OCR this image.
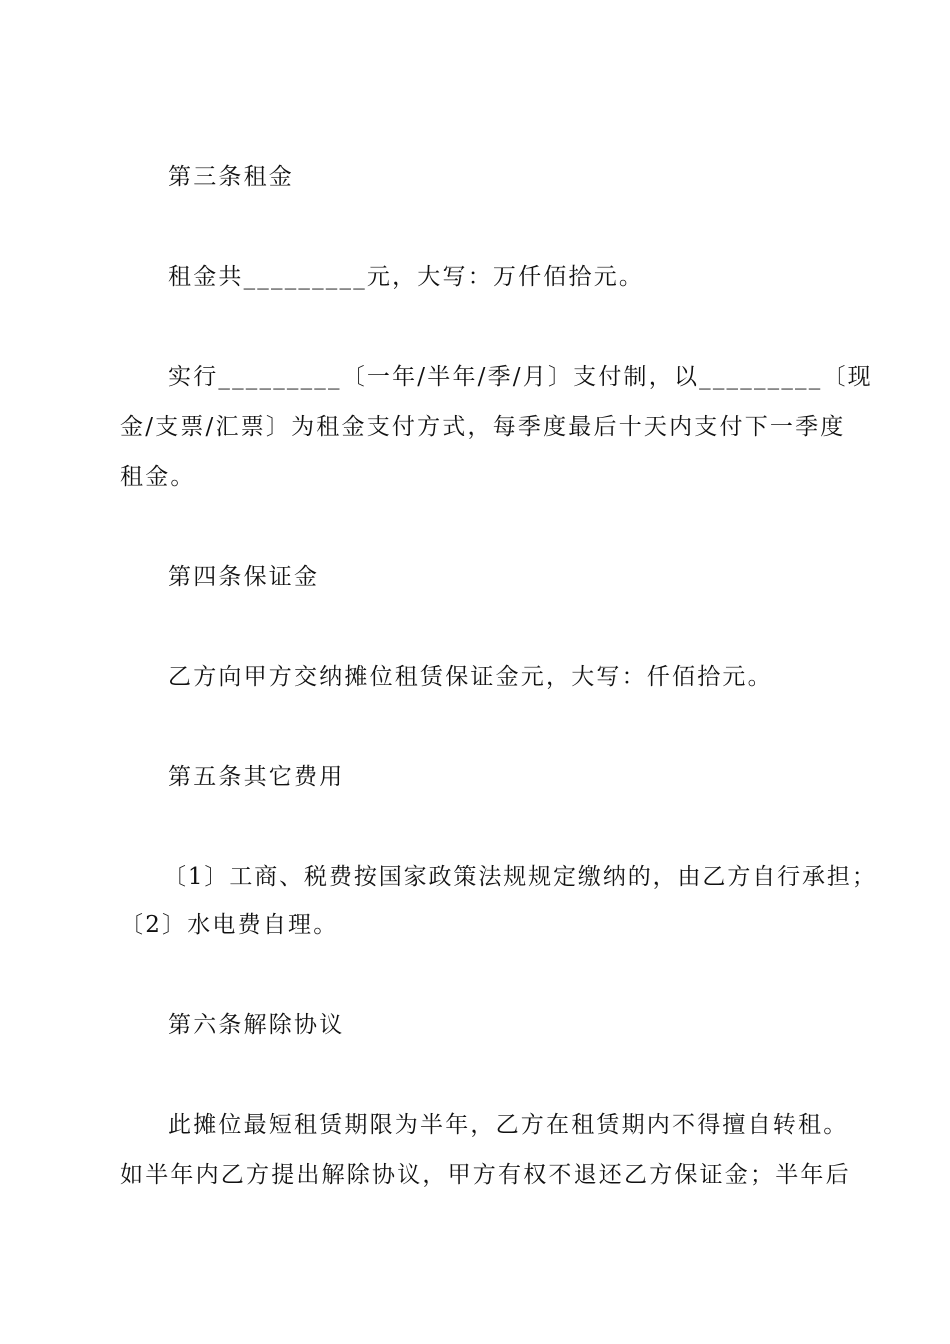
第三条租金
租金共_________元，大写：万仟佰拾元。
实行_________〔一年/半年/季/月〕支付制，以_________〔现
金/支票/汇票〕为租金支付方式，每季度最后十天内支付下一季度
租金。
第四条保证金
乙方向甲方交纳摊位租赁保证金元，大写：仟佰拾元。
第五条其它费用
〔1〕工商、税费按国家政策法规规定缴纳的，由乙方自行承担；
〔2〕水电费自理。
第六条解除协议
此摊位最短租赁期限为半年，乙方在租赁期内不得擅自转租。
如半年内乙方提出解除协议，甲方有权不退还乙方保证金；半年后
